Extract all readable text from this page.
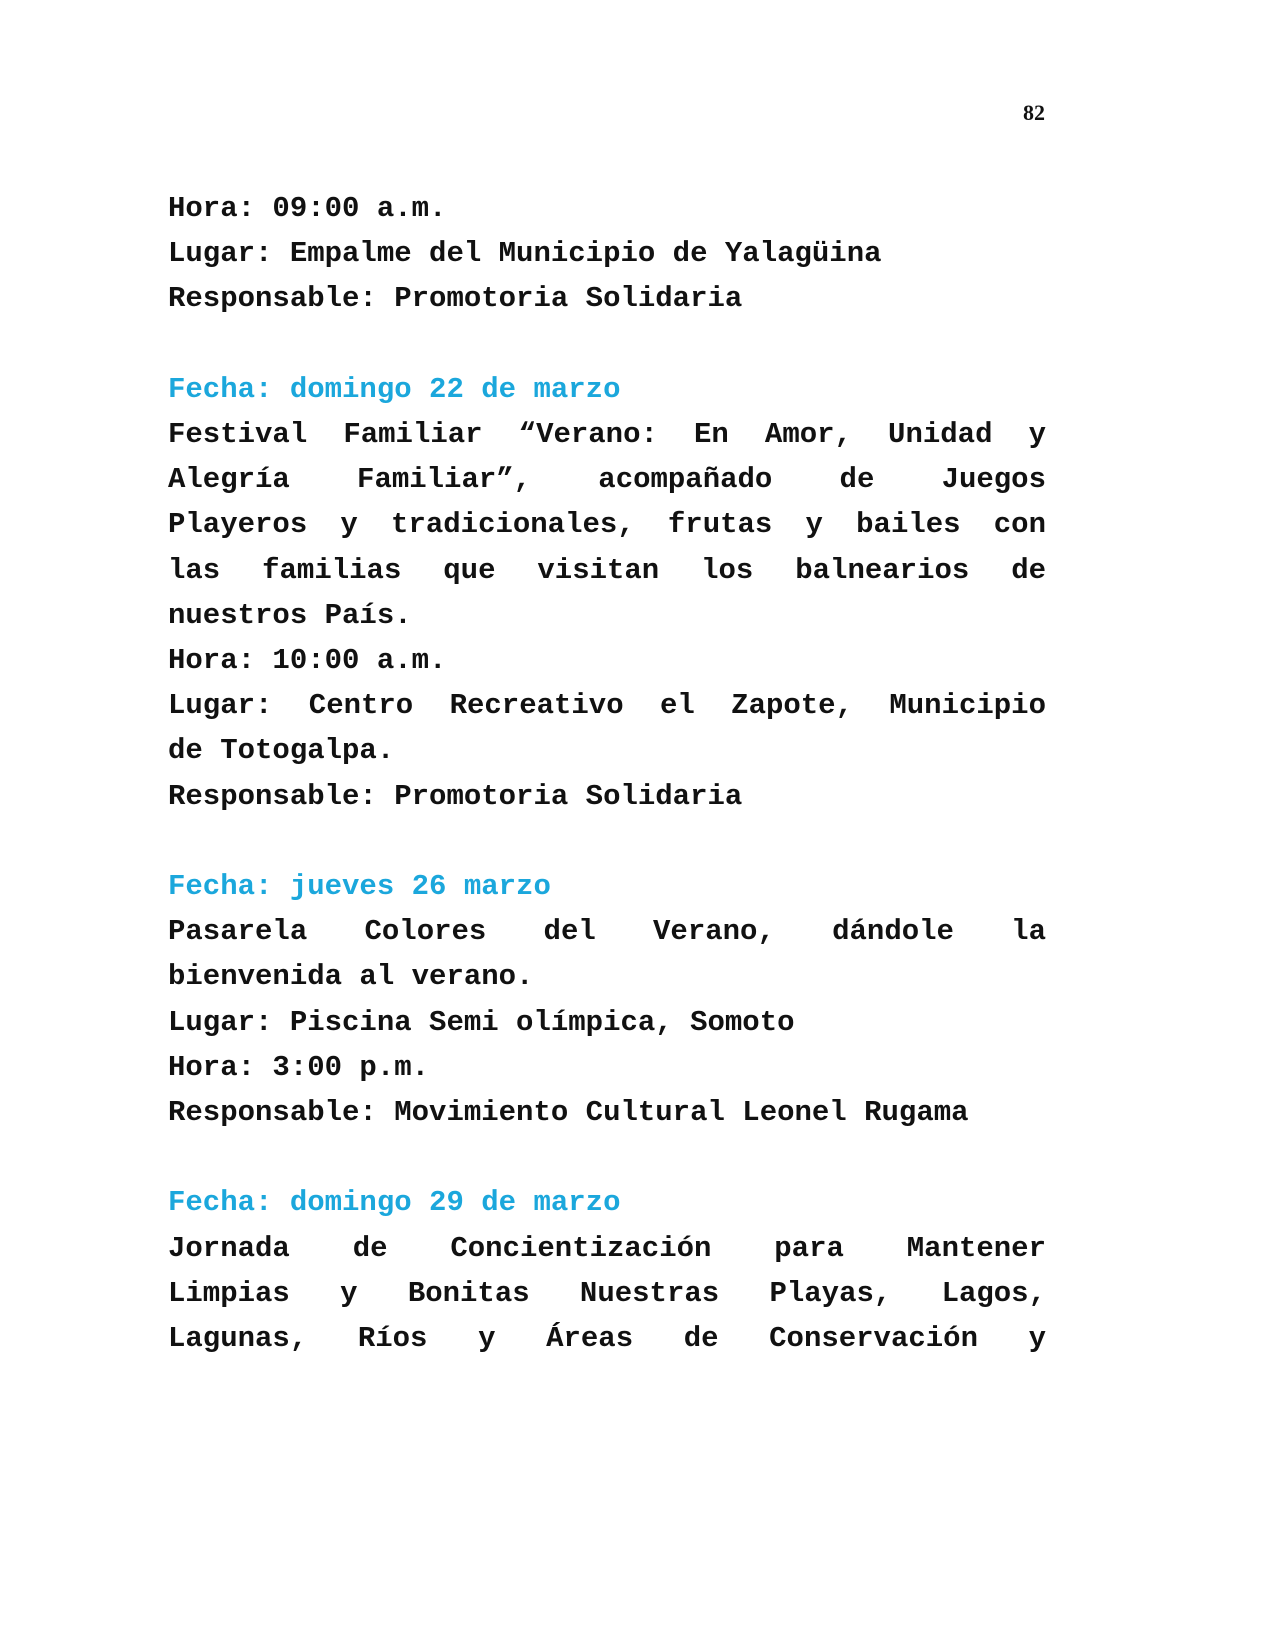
82
Hora: 09:00 a.m.
Lugar: Empalme del Municipio de Yalagüina
Responsable: Promotoria Solidaria
Fecha: domingo 22 de marzo
Festival Familiar “Verano: En Amor, Unidad y
Alegría Familiar”, acompañado de Juegos
Playeros y tradicionales, frutas y bailes con
las familias que visitan los balnearios de
nuestros País.
Hora: 10:00 a.m.
Lugar: Centro Recreativo el Zapote, Municipio
de Totogalpa.
Responsable: Promotoria Solidaria
Fecha: jueves 26 marzo
Pasarela Colores del Verano, dándole la
bienvenida al verano.
Lugar: Piscina Semi olímpica, Somoto
Hora: 3:00 p.m.
Responsable: Movimiento Cultural Leonel Rugama
Fecha: domingo 29 de marzo
Jornada de Concientización para Mantener
Limpias y Bonitas Nuestras Playas, Lagos,
Lagunas, Ríos y Áreas de Conservación y
